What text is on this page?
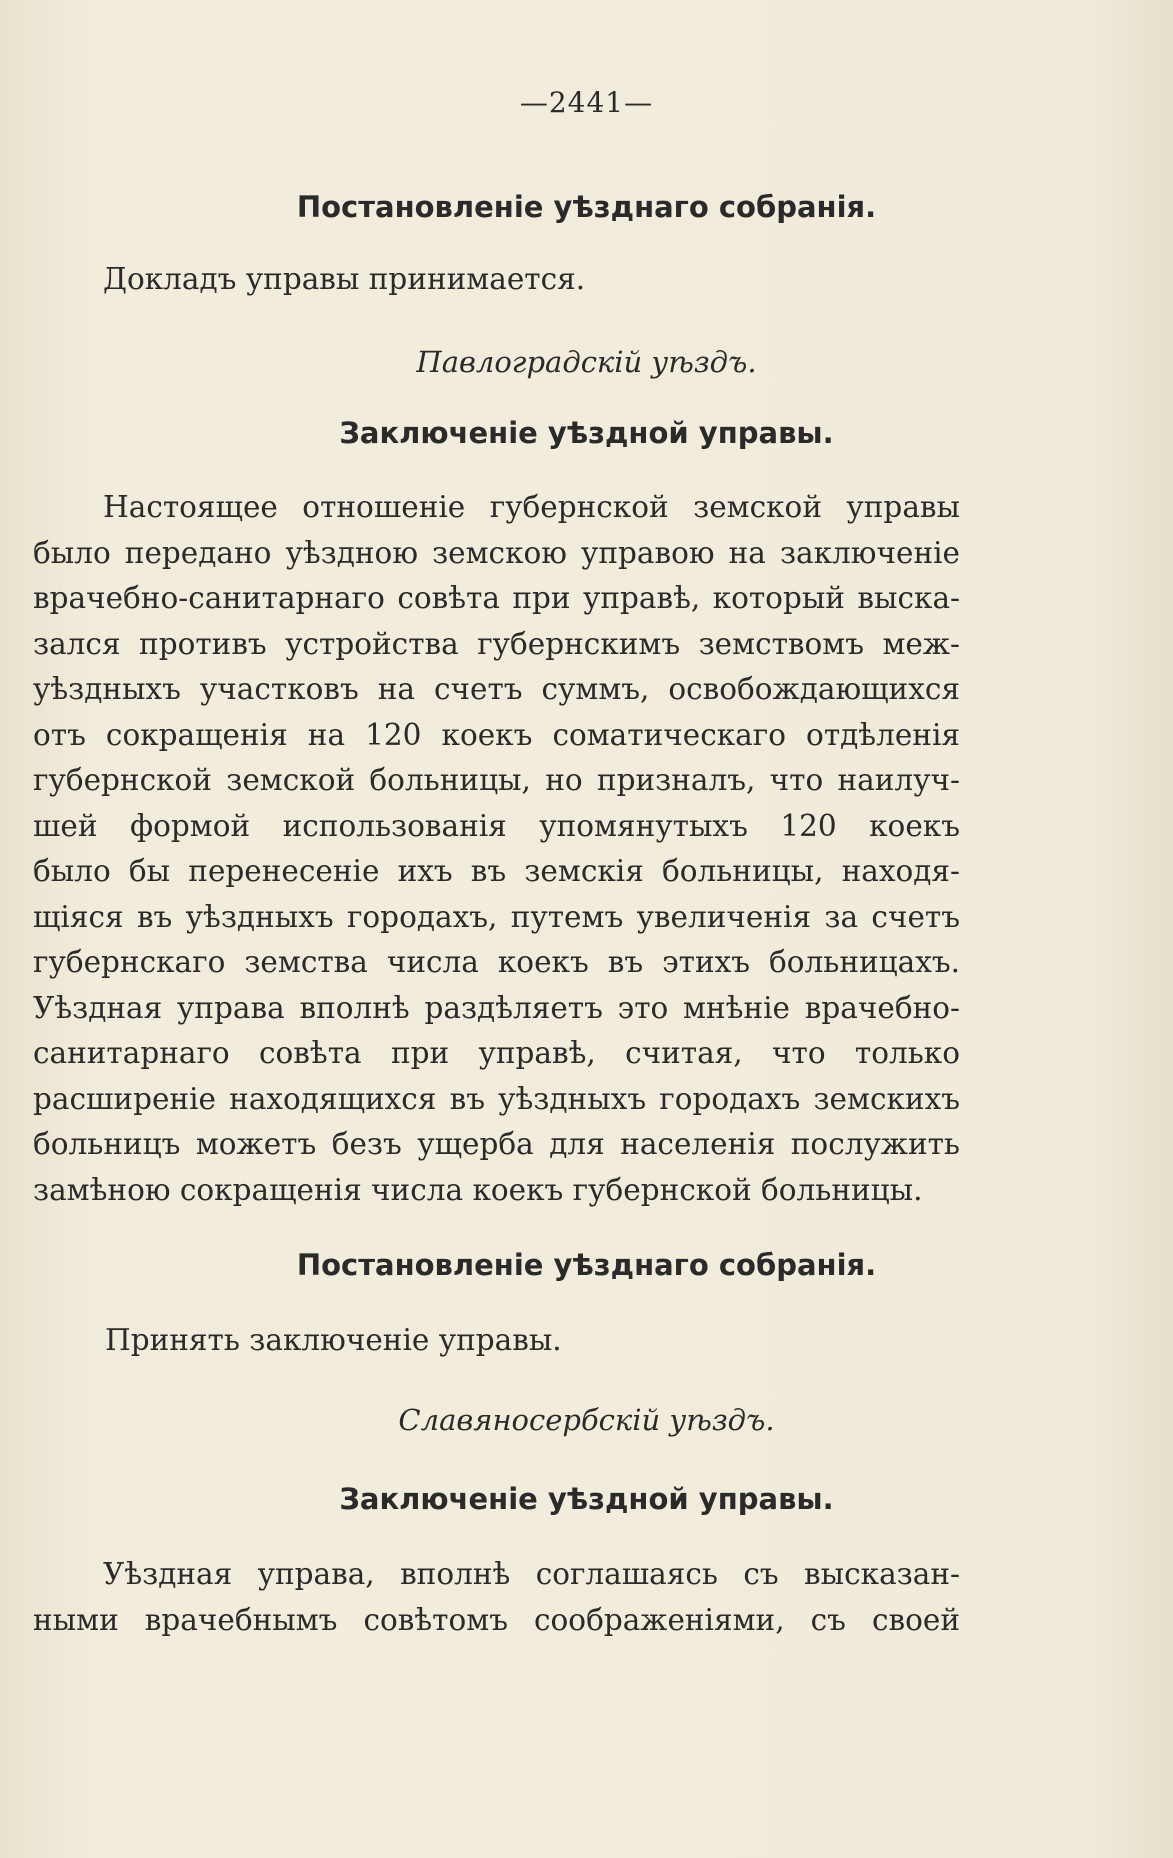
—2441—
Постановленіе уѣзднаго собранія.
Докладъ управы принимается.
Павлоградскій уѣздъ.
Заключеніе уѣздной управы.
Настоящее отношеніе губернской земской управы
было передано уѣздною земскою управою на заключеніе
врачебно-санитарнаго совѣта при управѣ, который выска-
зался противъ устройства губернскимъ земствомъ меж-
уѣздныхъ участковъ на счетъ суммъ, освобождающихся
отъ сокращенія на 120 коекъ соматическаго отдѣленія
губернской земской больницы, но призналъ, что наилуч-
шей формой использованія упомянутыхъ 120 коекъ
было бы перенесеніе ихъ въ земскія больницы, находя-
щіяся въ уѣздныхъ городахъ, путемъ увеличенія за счетъ
губернскаго земства числа коекъ въ этихъ больницахъ.
Уѣздная управа вполнѣ раздѣляетъ это мнѣніе врачебно-
санитарнаго совѣта при управѣ, считая, что только
расширеніе находящихся въ уѣздныхъ городахъ земскихъ
больницъ можетъ безъ ущерба для населенія послужить
замѣною сокращенія числа коекъ губернской больницы.
Постановленіе уѣзднаго собранія.
Принять заключеніе управы.
Славяносербскій уѣздъ.
Заключеніе уѣздной управы.
Уѣздная управа, вполнѣ соглашаясь съ высказан-
ными врачебнымъ совѣтомъ соображеніями, съ своей
